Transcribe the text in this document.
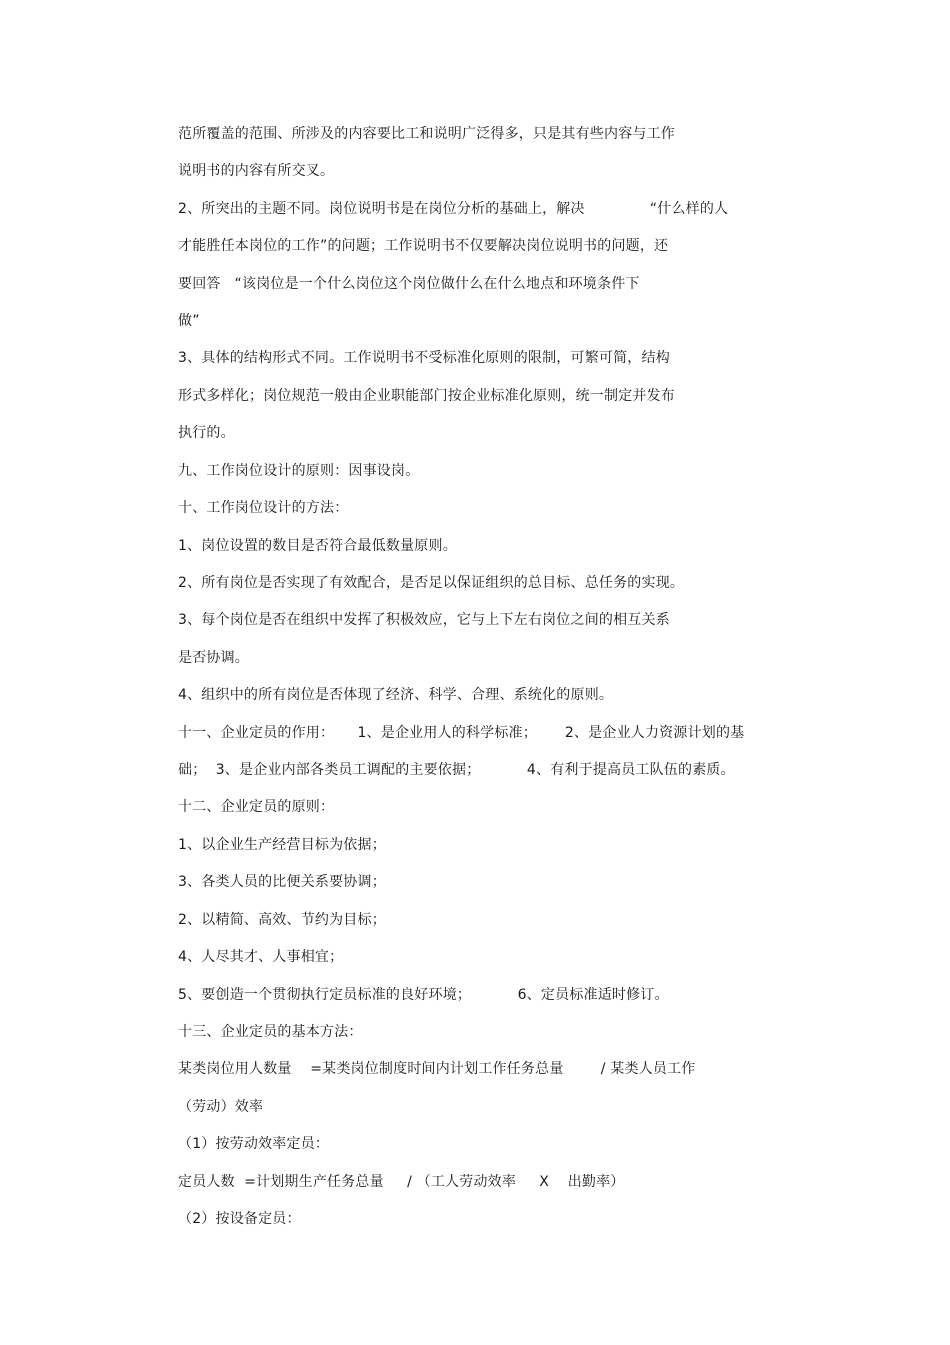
范所覆盖的范围、所涉及的内容要比工和说明广泛得多，只是其有些内容与工作

说明书的内容有所交叉。

2、所突出的主题不同。岗位说明书是在岗位分析的基础上，解决              “什么样的人

才能胜任本岗位的工作”的问题；工作说明书不仅要解决岗位说明书的问题，还

要回答   “该岗位是一个什么岗位这个岗位做什么在什么地点和环境条件下

做”

3、具体的结构形式不同。工作说明书不受标准化原则的限制，可繁可简，结构

形式多样化；岗位规范一般由企业职能部门按企业标准化原则，统一制定并发布

执行的。

九、工作岗位设计的原则：因事设岗。

十、工作岗位设计的方法：

1、岗位设置的数目是否符合最低数量原则。

2、所有岗位是否实现了有效配合，是否足以保证组织的总目标、总任务的实现。

3、每个岗位是否在组织中发挥了积极效应，它与上下左右岗位之间的相互关系

是否协调。

4、组织中的所有岗位是否体现了经济、科学、合理、系统化的原则。

十一、企业定员的作用：     1、是企业用人的科学标准；      2、是企业人力资源计划的基

础；  3、是企业内部各类员工调配的主要依据；          4、有利于提高员工队伍的素质。

十二、企业定员的原则：

1、以企业生产经营目标为依据；

3、各类人员的比便关系要协调；

2、以精简、高效、节约为目标；

4、人尽其才、人事相宜；

5、要创造一个贯彻执行定员标准的良好环境；          6、定员标准适时修订。

十三、企业定员的基本方法：

某类岗位用人数量    =某类岗位制度时间内计划工作任务总量        / 某类人员工作

（劳动）效率

（1）按劳动效率定员：

定员人数  =计划期生产任务总量     / （工人劳动效率     X    出勤率）

（2）按设备定员：
